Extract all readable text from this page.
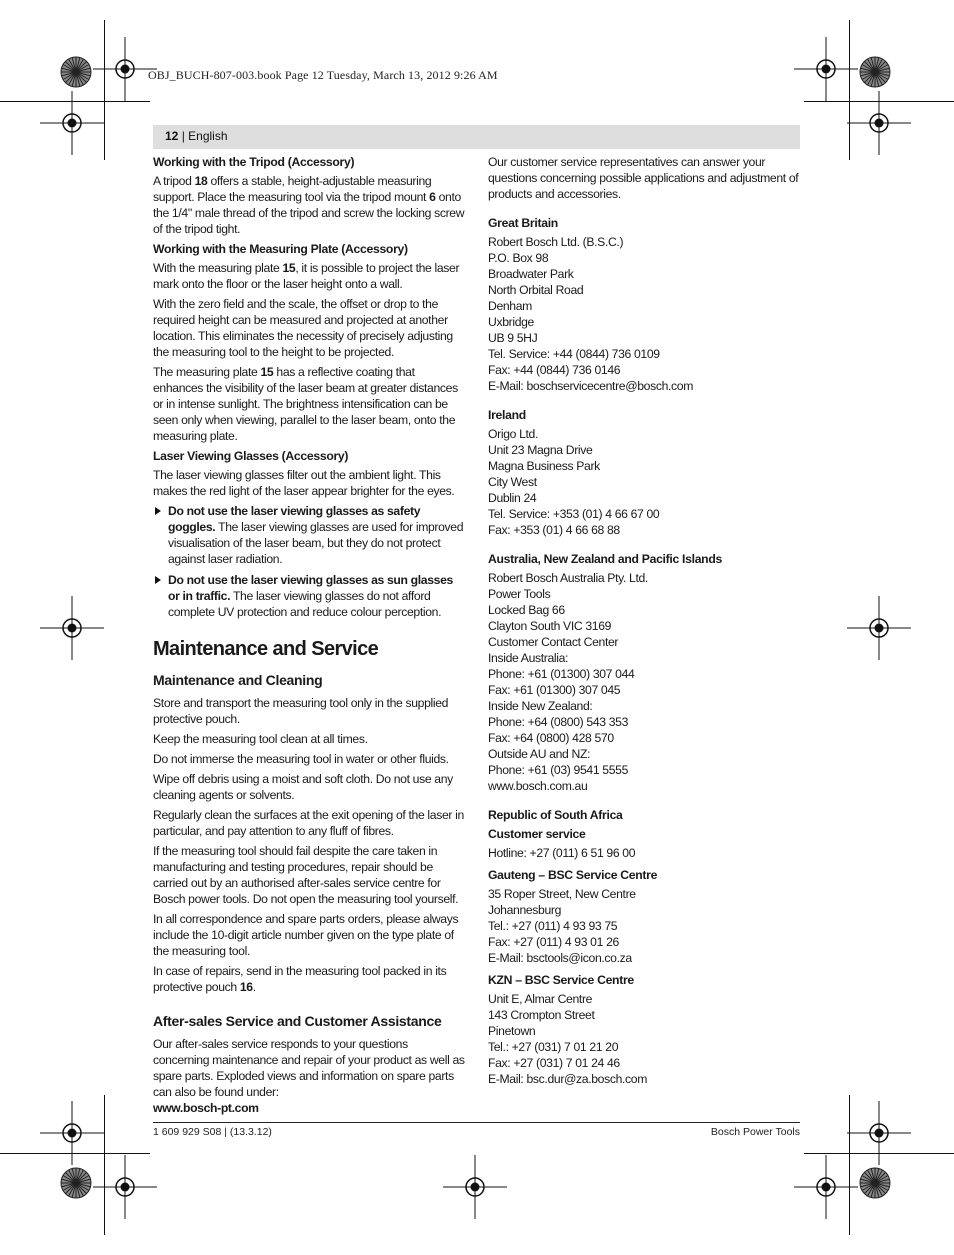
OBJ_BUCH-807-003.book Page 12 Tuesday, March 13, 2012 9:26 AM
12 | English
Working with the Tripod (Accessory)

A tripod 18 offers a stable, height-adjustable measuring support. Place the measuring tool via the tripod mount 6 onto the 1/4" male thread of the tripod and screw the locking screw of the tripod tight.

Working with the Measuring Plate (Accessory)

With the measuring plate 15, it is possible to project the laser mark onto the floor or the laser height onto a wall.

With the zero field and the scale, the offset or drop to the required height can be measured and projected at another location. This eliminates the necessity of precisely adjusting the measuring tool to the height to be projected.

The measuring plate 15 has a reflective coating that enhances the visibility of the laser beam at greater distances or in intense sunlight. The brightness intensification can be seen only when viewing, parallel to the laser beam, onto the measuring plate.

Laser Viewing Glasses (Accessory)

The laser viewing glasses filter out the ambient light. This makes the red light of the laser appear brighter for the eyes.

Do not use the laser viewing glasses as safety goggles. The laser viewing glasses are used for improved visualisation of the laser beam, but they do not protect against laser radiation.
Do not use the laser viewing glasses as sun glasses or in traffic. The laser viewing glasses do not afford complete UV protection and reduce colour perception.
Maintenance and Service
Maintenance and Cleaning

Store and transport the measuring tool only in the supplied protective pouch.

Keep the measuring tool clean at all times.

Do not immerse the measuring tool in water or other fluids.

Wipe off debris using a moist and soft cloth. Do not use any cleaning agents or solvents.

Regularly clean the surfaces at the exit opening of the laser in particular, and pay attention to any fluff of fibres.

If the measuring tool should fail despite the care taken in manufacturing and testing procedures, repair should be carried out by an authorised after-sales service centre for Bosch power tools. Do not open the measuring tool yourself.

In all correspondence and spare parts orders, please always include the 10-digit article number given on the type plate of the measuring tool.

In case of repairs, send in the measuring tool packed in its protective pouch 16.

After-sales Service and Customer Assistance

Our after-sales service responds to your questions concerning maintenance and repair of your product as well as spare parts. Exploded views and information on spare parts can also be found under:

www.bosch-pt.com

Our customer service representatives can answer your questions concerning possible applications and adjustment of products and accessories.

Great Britain
Robert Bosch Ltd. (B.S.C.)
P.O. Box 98
Broadwater Park
North Orbital Road
Denham
Uxbridge
UB 9 5HJ
Tel. Service: +44 (0844) 736 0109
Fax: +44 (0844) 736 0146
E-Mail: boschservicecentre@bosch.com
Ireland
Origo Ltd.
Unit 23 Magna Drive
Magna Business Park
City West
Dublin 24
Tel. Service: +353 (01) 4 66 67 00
Fax: +353 (01) 4 66 68 88
Australia, New Zealand and Pacific Islands
Robert Bosch Australia Pty. Ltd.
Power Tools
Locked Bag 66
Clayton South VIC 3169
Customer Contact Center
Inside Australia:
Phone: +61 (01300) 307 044
Fax: +61 (01300) 307 045
Inside New Zealand:
Phone: +64 (0800) 543 353
Fax: +64 (0800) 428 570
Outside AU and NZ:
Phone: +61 (03) 9541 5555
www.bosch.com.au
Republic of South Africa
Customer service
Hotline: +27 (011) 6 51 96 00
Gauteng – BSC Service Centre
35 Roper Street, New Centre
Johannesburg
Tel.: +27 (011) 4 93 93 75
Fax: +27 (011) 4 93 01 26
E-Mail: bsctools@icon.co.za
KZN – BSC Service Centre
Unit E, Almar Centre
143 Crompton Street
Pinetown
Tel.: +27 (031) 7 01 21 20
Fax: +27 (031) 7 01 24 46
E-Mail: bsc.dur@za.bosch.com
1 609 929 S08 | (13.3.12)	Bosch Power Tools
